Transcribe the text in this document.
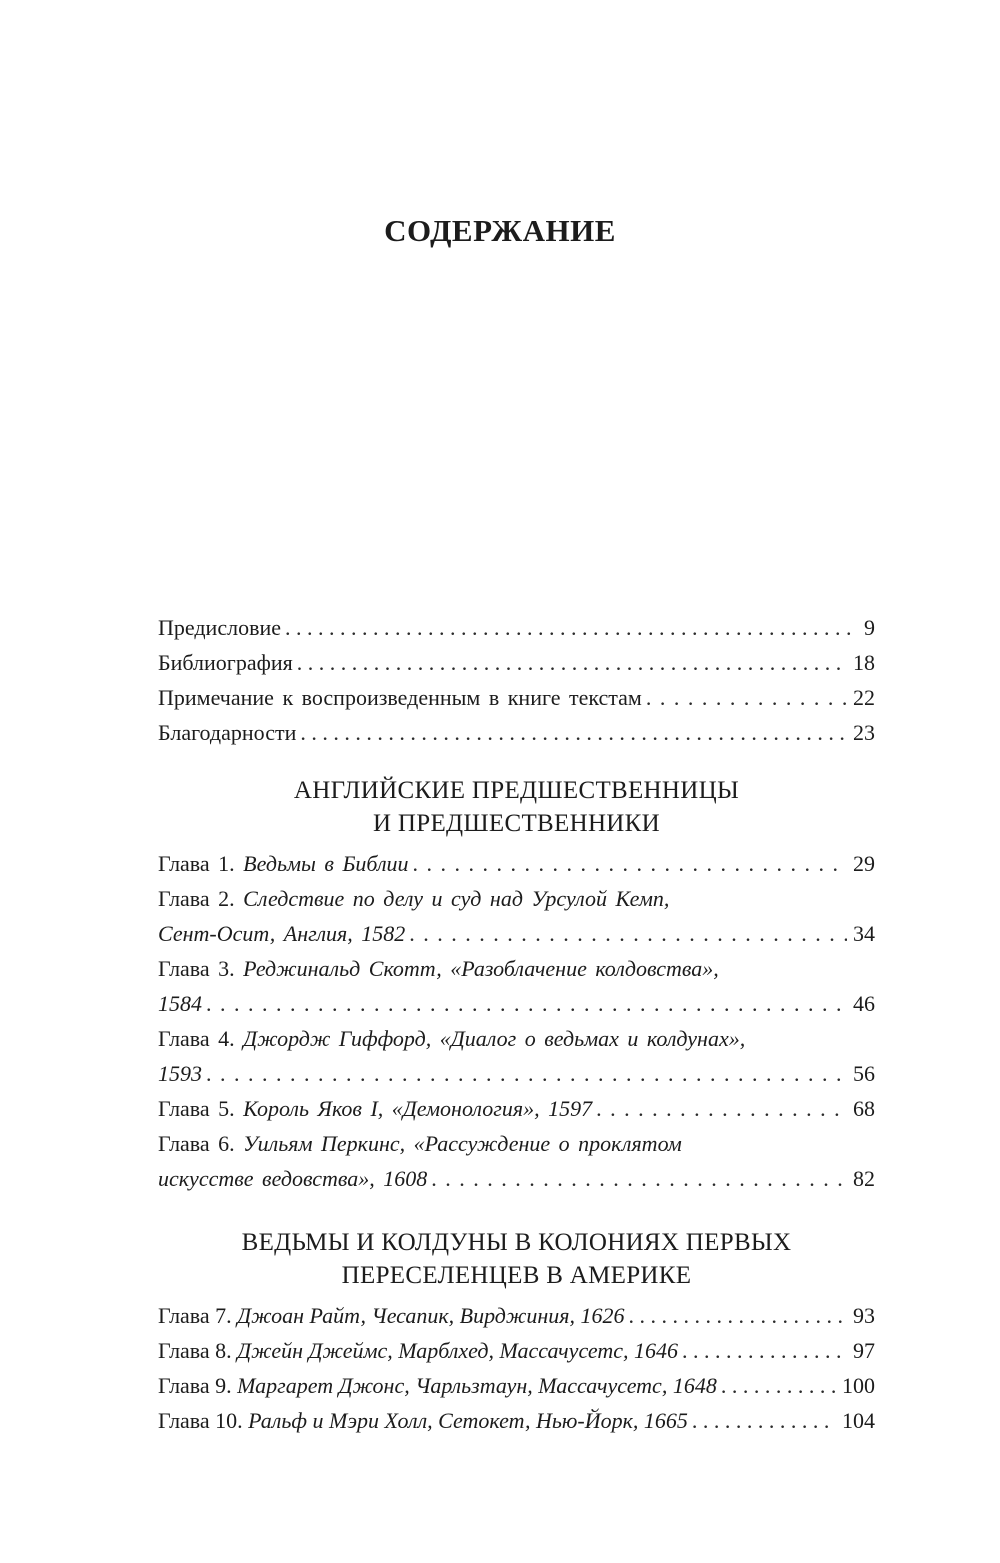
СОДЕРЖАНИЕ
Предисловие . . .	9
Библиография . . .	18
Примечание к воспроизведенным в книге текстам . . .	22
Благодарности . . .	23
АНГЛИЙСКИЕ ПРЕДШЕСТВЕННИЦЫ
И ПРЕДШЕСТВЕННИКИ
Глава 1. Ведьмы в Библии . . .	29
Глава 2. Следствие по делу и суд над Урсулой Кемп,
Сент-Осит, Англия, 1582 . . .	34
Глава 3. Реджинальд Скотт, «Разоблачение колдовства»,
1584 . . .	46
Глава 4. Джордж Гиффорд, «Диалог о ведьмах и колдунах»,
1593 . . .	56
Глава 5. Король Яков I, «Демонология», 1597 . . .	68
Глава 6. Уильям Перкинс, «Рассуждение о проклятом
искусстве ведовства», 1608 . . .	82
ВЕДЬМЫ И КОЛДУНЫ В КОЛОНИЯХ ПЕРВЫХ
ПЕРЕСЕЛЕНЦЕВ В АМЕРИКЕ
Глава 7. Джоан Райт, Чесапик, Вирджиния, 1626 . . .	93
Глава 8. Джейн Джеймс, Марблхед, Массачусетс, 1646 . . .	97
Глава 9. Маргарет Джонс, Чарльзтаун, Массачусетс, 1648 . . .	100
Глава 10. Ральф и Мэри Холл, Сетокет, Нью-Йорк, 1665 . . .	104
